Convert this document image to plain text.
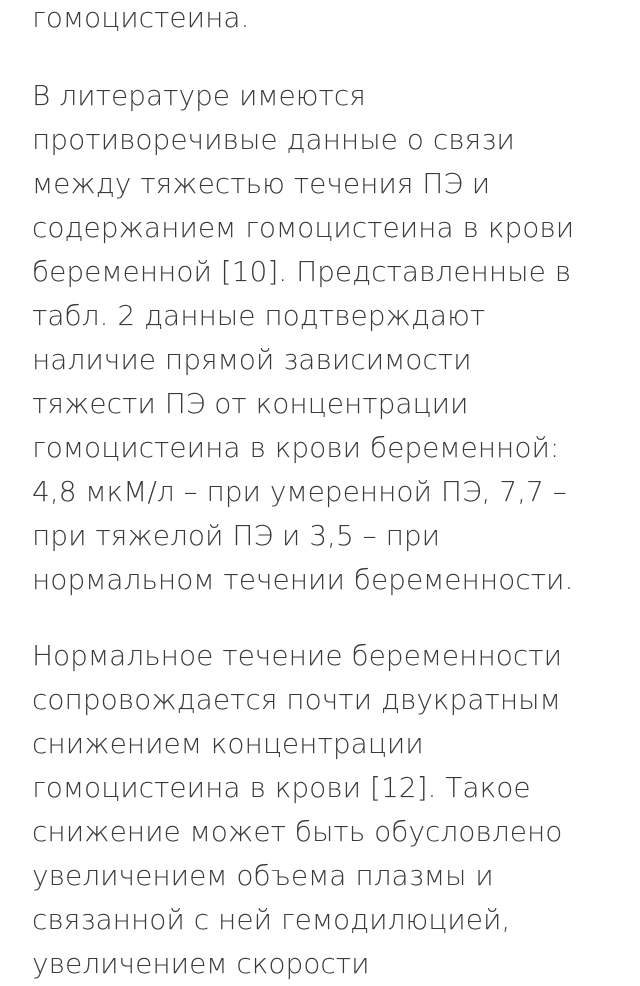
гомоцистеина.
В литературе имеются
противоречивые данные о связи
между тяжестью течения ПЭ и
содержанием гомоцистеина в крови
беременной [10]. Представленные в
табл. 2 данные подтверждают
наличие прямой зависимости
тяжести ПЭ от концентрации
гомоцистеина в крови беременной:
4,8 мкМ/л – при умеренной ПЭ, 7,7 –
при тяжелой ПЭ и 3,5 – при
нормальном течении беременности.
Нормальное течение беременности
сопровождается почти двукратным
снижением концентрации
гомоцистеина в крови [12]. Такое
снижение может быть обусловлено
увеличением объема плазмы и
связанной с ней гемодилюцией,
увеличением скорости
